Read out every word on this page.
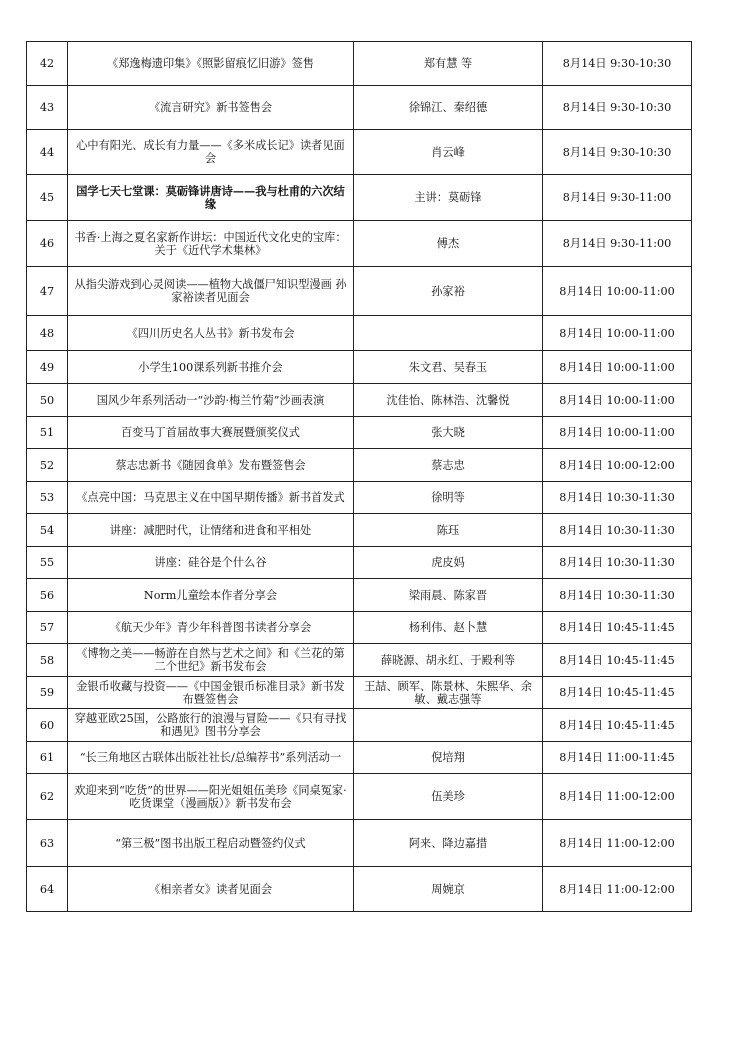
42	《郑逸梅遗印集》《照影留痕忆旧游》签售	郑有慧 等	8月14日 9:30-10:30
43	《流言研究》新书签售会	徐锦江、秦绍德	8月14日 9:30-10:30
44	心中有阳光、成长有力量——《多米成长记》读者见面会	肖云峰	8月14日 9:30-10:30
45	国学七天七堂课：莫砺锋讲唐诗——我与杜甫的六次结缘	主讲：莫砺锋	8月14日 9:30-11:00
46	书香·上海之夏名家新作讲坛：中国近代文化史的宝库：关于《近代学术集林》	傅杰	8月14日 9:30-11:00
47	从指尖游戏到心灵阅读——植物大战僵尸知识型漫画 孙家裕读者见面会	孙家裕	8月14日 10:00-11:00
48	《四川历史名人丛书》新书发布会		8月14日 10:00-11:00
49	小学生100课系列新书推介会	朱文君、吴春玉	8月14日 10:00-11:00
50	国风少年系列活动一“沙韵·梅兰竹菊”沙画表演	沈佳怡、陈林浩、沈馨悦	8月14日 10:00-11:00
51	百变马丁首届故事大赛展暨颁奖仪式	张大晓	8月14日 10:00-11:00
52	蔡志忠新书《随园食单》发布暨签售会	蔡志忠	8月14日 10:00-12:00
53	《点亮中国：马克思主义在中国早期传播》新书首发式	徐明等	8月14日 10:30-11:30
54	讲座：减肥时代，让情绪和进食和平相处	陈珏	8月14日 10:30-11:30
55	讲座：硅谷是个什么谷	虎皮妈	8月14日 10:30-11:30
56	Norm儿童绘本作者分享会	梁雨晨、陈家晋	8月14日 10:30-11:30
57	《航天少年》青少年科普图书读者分享会	杨利伟、赵卜慧	8月14日 10:45-11:45
58	《博物之美——畅游在自然与艺术之间》和《兰花的第二个世纪》新书发布会	薛晓源、胡永红、于殿利等	8月14日 10:45-11:45
59	金银币收藏与投资——《中国金银币标准目录》新书发布暨签售会	王喆、顾军、陈景林、朱熙华、余敏、戴志强等	8月14日 10:45-11:45
60	穿越亚欧25国，公路旅行的浪漫与冒险——《只有寻找和遇见》图书分享会		8月14日 10:45-11:45
61	“长三角地区古联体出版社社长/总编荐书”系列活动一	倪培翔	8月14日 11:00-11:45
62	欢迎来到“吃货”的世界——阳光姐姐伍美珍《同桌冤家·吃货课堂（漫画版）》新书发布会	伍美珍	8月14日 11:00-12:00
63	“第三极”图书出版工程启动暨签约仪式	阿来、降边嘉措	8月14日 11:00-12:00
64	《相亲者女》读者见面会	周婉京	8月14日 11:00-12:00
